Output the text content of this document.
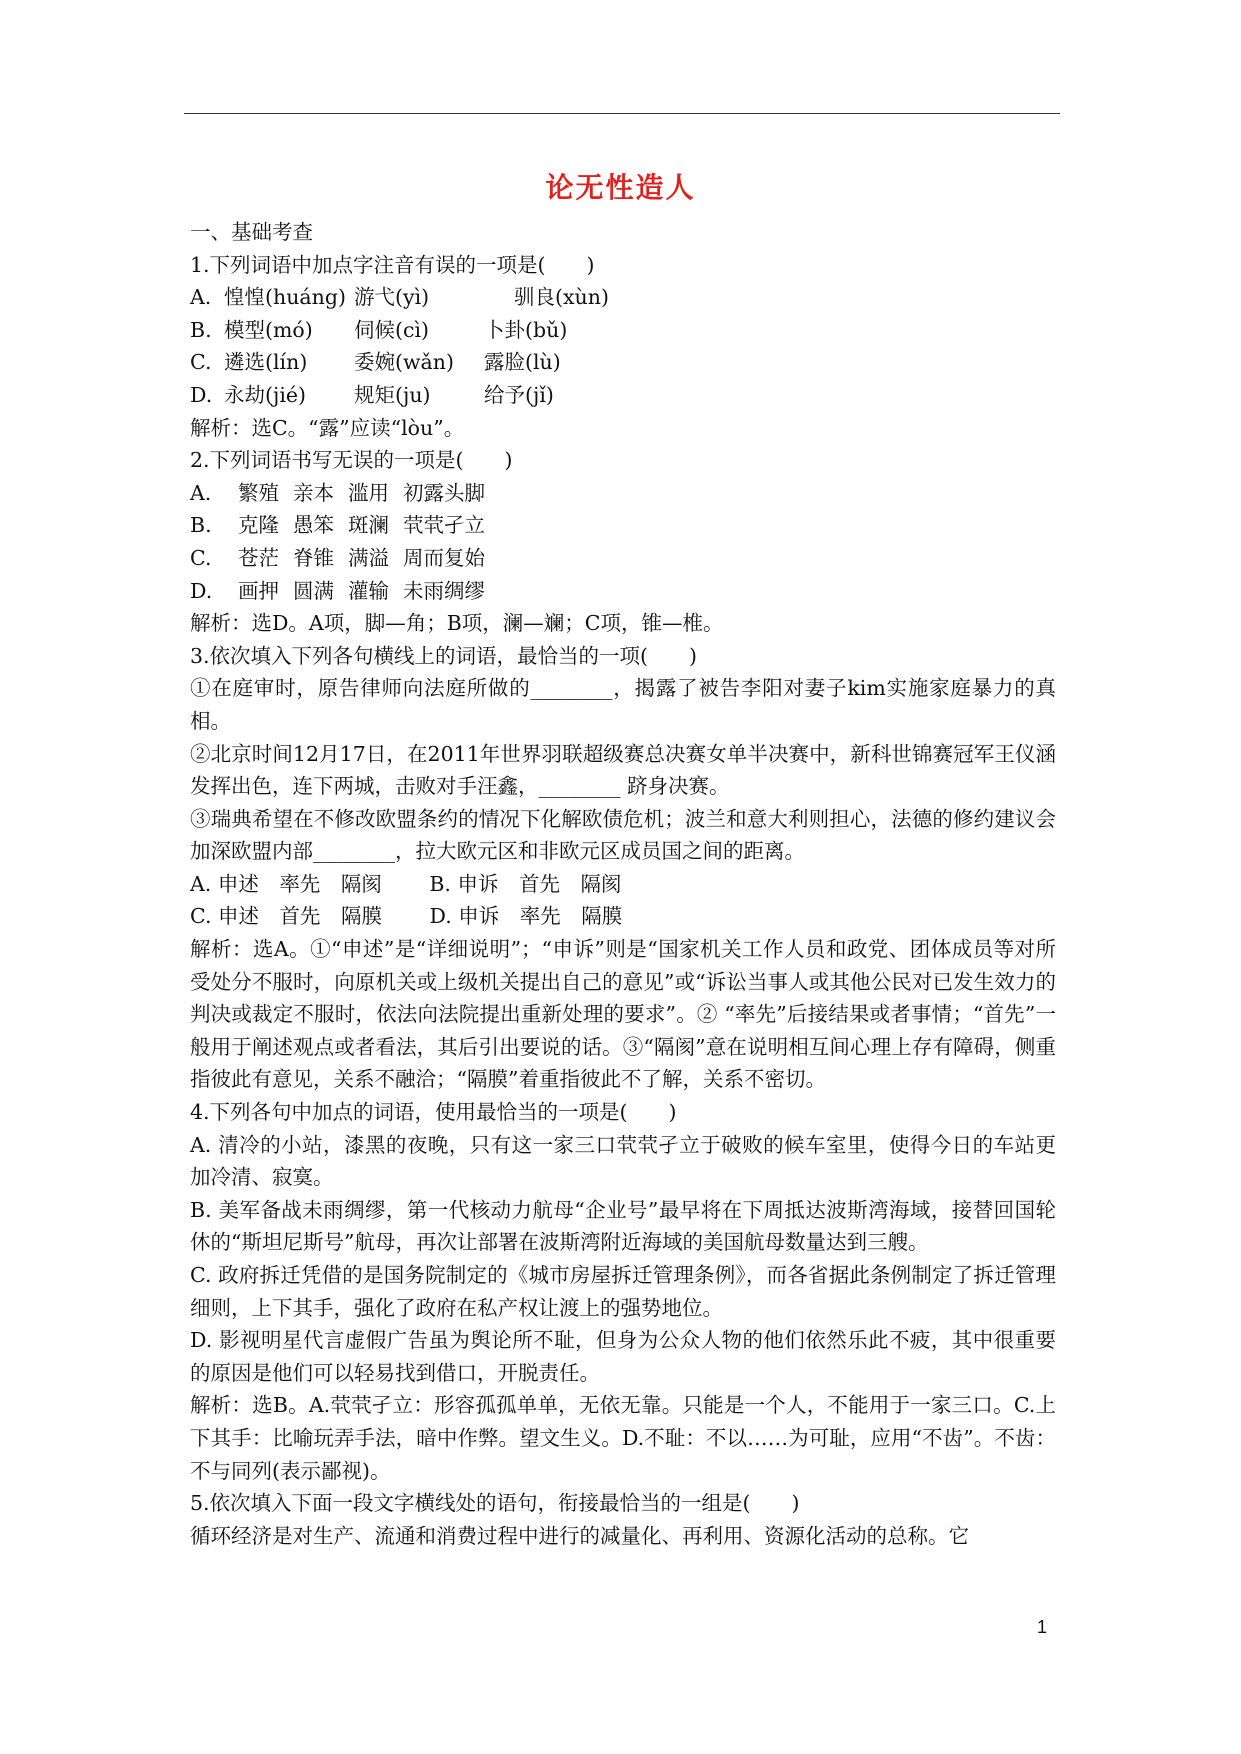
论无性造人
一、基础考查
1.下列词语中加点字注音有误的一项是(　　)
A. 惶惶(huáng) 游弋(yì)	驯良(xùn)
B. 模型(mó)	伺候(cì)	卜卦(bǔ)
C. 遴选(lín)	委婉(wǎn)	露脸(lù)
D. 永劫(jié)	规矩(ju)	给予(jǐ)
解析：选C。“露”应读“lòu”。
2.下列词语书写无误的一项是(　　)
A.	繁殖 亲本 滥用 初露头脚
B.	克隆 愚笨 斑澜 茕茕孑立
C.	苍茫 脊锥 满溢 周而复始
D.	画押 圆满 灌输 未雨绸缪
解析：选D。A项，脚—角；B项，澜—斓；C项，锥—椎。
3.依次填入下列各句横线上的词语，最恰当的一项(　　)
①在庭审时，原告律师向法庭所做的________，揭露了被告李阳对妻子kim实施家庭暴力的真相。
②北京时间12月17日，在2011年世界羽联超级赛总决赛女单半决赛中，新科世锦赛冠军王仪涵发挥出色，连下两城，击败对手汪鑫，________ 跻身决赛。
③瑞典希望在不修改欧盟条约的情况下化解欧债危机；波兰和意大利则担心，法德的修约建议会加深欧盟内部________，拉大欧元区和非欧元区成员国之间的距离。
A. 申述　率先　隔阂　　 B. 申诉　首先　隔阂
C. 申述　首先　隔膜　　 D. 申诉　率先　隔膜
解析：选A。①“申述”是“详细说明”；“申诉”则是“国家机关工作人员和政党、团体成员等对所受处分不服时，向原机关或上级机关提出自己的意见”或“诉讼当事人或其他公民对已发生效力的判决或裁定不服时，依法向法院提出重新处理的要求”。② “率先”后接结果或者事情；“首先”一般用于阐述观点或者看法，其后引出要说的话。③“隔阂”意在说明相互间心理上存有障碍，侧重指彼此有意见，关系不融洽；“隔膜”着重指彼此不了解，关系不密切。
4.下列各句中加点的词语，使用最恰当的一项是(　　)
A. 清冷的小站，漆黑的夜晚，只有这一家三口茕茕孑立于破败的候车室里，使得今日的车站更加冷清、寂寞。
B. 美军备战未雨绸缪，第一代核动力航母“企业号”最早将在下周抵达波斯湾海域，接替回国轮休的“斯坦尼斯号”航母，再次让部署在波斯湾附近海域的美国航母数量达到三艘。
C. 政府拆迁凭借的是国务院制定的《城市房屋拆迁管理条例》，而各省据此条例制定了拆迁管理细则，上下其手，强化了政府在私产权让渡上的强势地位。
D. 影视明星代言虚假广告虽为舆论所不耻，但身为公众人物的他们依然乐此不疲，其中很重要的原因是他们可以轻易找到借口，开脱责任。
解析：选B。A.茕茕孑立：形容孤孤单单，无依无靠。只能是一个人，不能用于一家三口。C.上下其手：比喻玩弄手法，暗中作弊。望文生义。D.不耻：不以……为可耻，应用“不齿”。不齿：不与同列(表示鄙视)。
5.依次填入下面一段文字横线处的语句，衔接最恰当的一组是(　　)
循环经济是对生产、流通和消费过程中进行的减量化、再利用、资源化活动的总称。它
1
